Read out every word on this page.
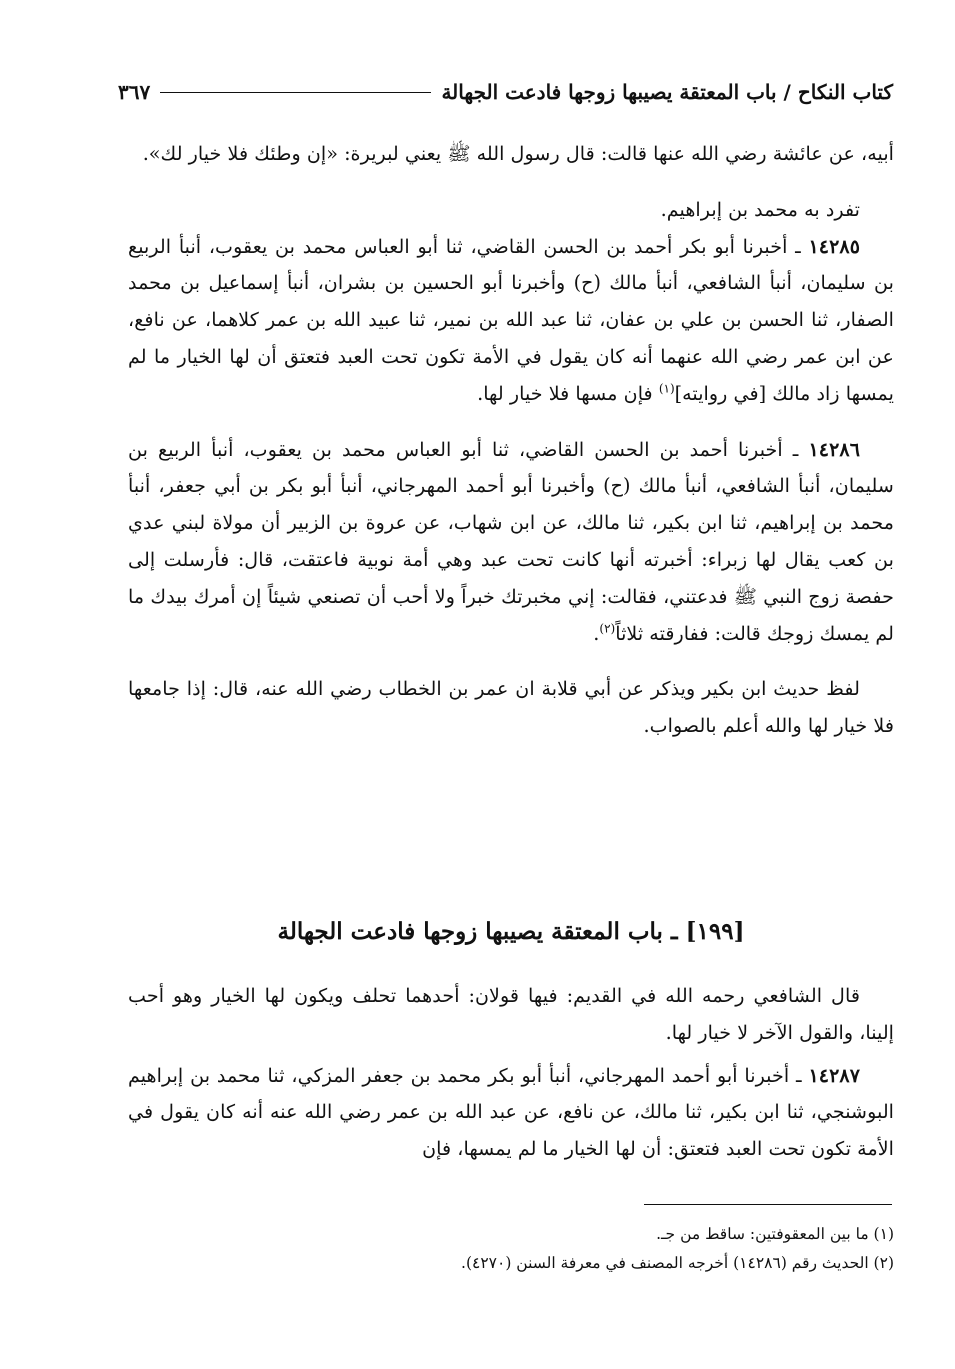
كتاب النكاح / باب المعتقة يصيبها زوجها فادعت الجهالة
٣٦٧

أبيه، عن عائشة رضي الله عنها قالت: قال رسول الله ﷺ يعني لبريرة: «إن وطئك فلا خيار لك».

تفرد به محمد بن إبراهيم.

١٤٢٨٥ ـ أخبرنا أبو بكر أحمد بن الحسن القاضي، ثنا أبو العباس محمد بن يعقوب، أنبأ الربيع بن سليمان، أنبأ الشافعي، أنبأ مالك (ح) وأخبرنا أبو الحسين بن بشران، أنبأ إسماعيل بن محمد الصفار، ثنا الحسن بن علي بن عفان، ثنا عبد الله بن نمير، ثنا عبيد الله بن عمر كلاهما، عن نافع، عن ابن عمر رضي الله عنهما أنه كان يقول في الأمة تكون تحت العبد فتعتق أن لها الخيار ما لم يمسها زاد مالك [في روايته]$^{(١)}$ فإن مسها فلا خيار لها.

١٤٢٨٦ ـ أخبرنا أحمد بن الحسن القاضي، ثنا أبو العباس محمد بن يعقوب، أنبأ الربيع بن سليمان، أنبأ الشافعي، أنبأ مالك (ح) وأخبرنا أبو أحمد المهرجاني، أنبأ أبو بكر بن أبي جعفر، أنبأ محمد بن إبراهيم، ثنا ابن بكير، ثنا مالك، عن ابن شهاب، عن عروة بن الزبير أن مولاة لبني عدي بن كعب يقال لها زبراء: أخبرته أنها كانت تحت عبد وهي أمة نوبية فاعتقت، قال: فأرسلت إلى حفصة زوج النبي ﷺ فدعتني، فقالت: إني مخبرتك خبراً ولا أحب أن تصنعي شيئاً إن أمرك بيدك ما لم يمسك زوجك قالت: ففارقته ثلاثاً$^{(٢)}$.

لفظ حديث ابن بكير ويذكر عن أبي قلابة ان عمر بن الخطاب رضي الله عنه، قال: إذا جامعها فلا خيار لها والله أعلم بالصواب.

[١٩٩] ـ باب المعتقة يصيبها زوجها فادعت الجهالة

قال الشافعي رحمه الله في القديم: فيها قولان: أحدهما تحلف ويكون لها الخيار وهو أحب إلينا، والقول الآخر لا خيار لها.

١٤٢٨٧ ـ أخبرنا أبو أحمد المهرجاني، أنبأ أبو بكر محمد بن جعفر المزكي، ثنا محمد بن إبراهيم البوشنجي، ثنا ابن بكير، ثنا مالك، عن نافع، عن عبد الله بن عمر رضي الله عنه أنه كان يقول في الأمة تكون تحت العبد فتعتق: أن لها الخيار ما لم يمسها، فإن

(١) ما بين المعقوفتين: ساقط من جـ.

(٢) الحديث رقم (١٤٢٨٦) أخرجه المصنف في معرفة السنن (٤٢٧٠).
